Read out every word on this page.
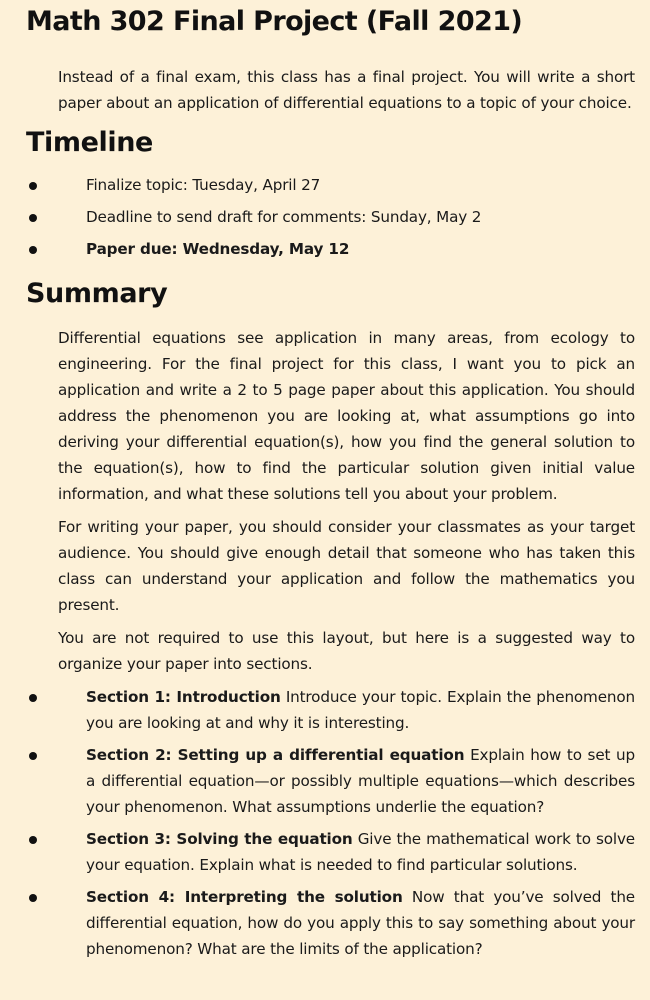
Math 302 Final Project (Fall 2021)

Instead of a final exam, this class has a final project. You will write a short paper about an application of differential equations to a topic of your choice.

Timeline
Finalize topic: Tuesday, April 27
Deadline to send draft for comments: Sunday, May 2
Paper due: Wednesday, May 12
Summary

Differential equations see application in many areas, from ecology to engineering. For the final project for this class, I want you to pick an application and write a 2 to 5 page paper about this application. You should address the phenomenon you are looking at, what assumptions go into deriving your differential equation(s), how you find the general solution to the equation(s), how to find the particular solution given initial value information, and what these solutions tell you about your problem.

For writing your paper, you should consider your classmates as your target audience. You should give enough detail that someone who has taken this class can understand your application and follow the mathematics you present.

You are not required to use this layout, but here is a suggested way to organize your paper into sections.

Section 1: Introduction Introduce your topic. Explain the phenomenon you are looking at and why it is interesting.
Section 2: Setting up a differential equation Explain how to set up a differential equation—or possibly multiple equations—which describes your phenomenon. What assumptions underlie the equation?
Section 3: Solving the equation Give the mathematical work to solve your equation. Explain what is needed to find particular solutions.
Section 4: Interpreting the solution Now that you’ve solved the differential equation, how do you apply this to say something about your phenomenon? What are the limits of the application?
